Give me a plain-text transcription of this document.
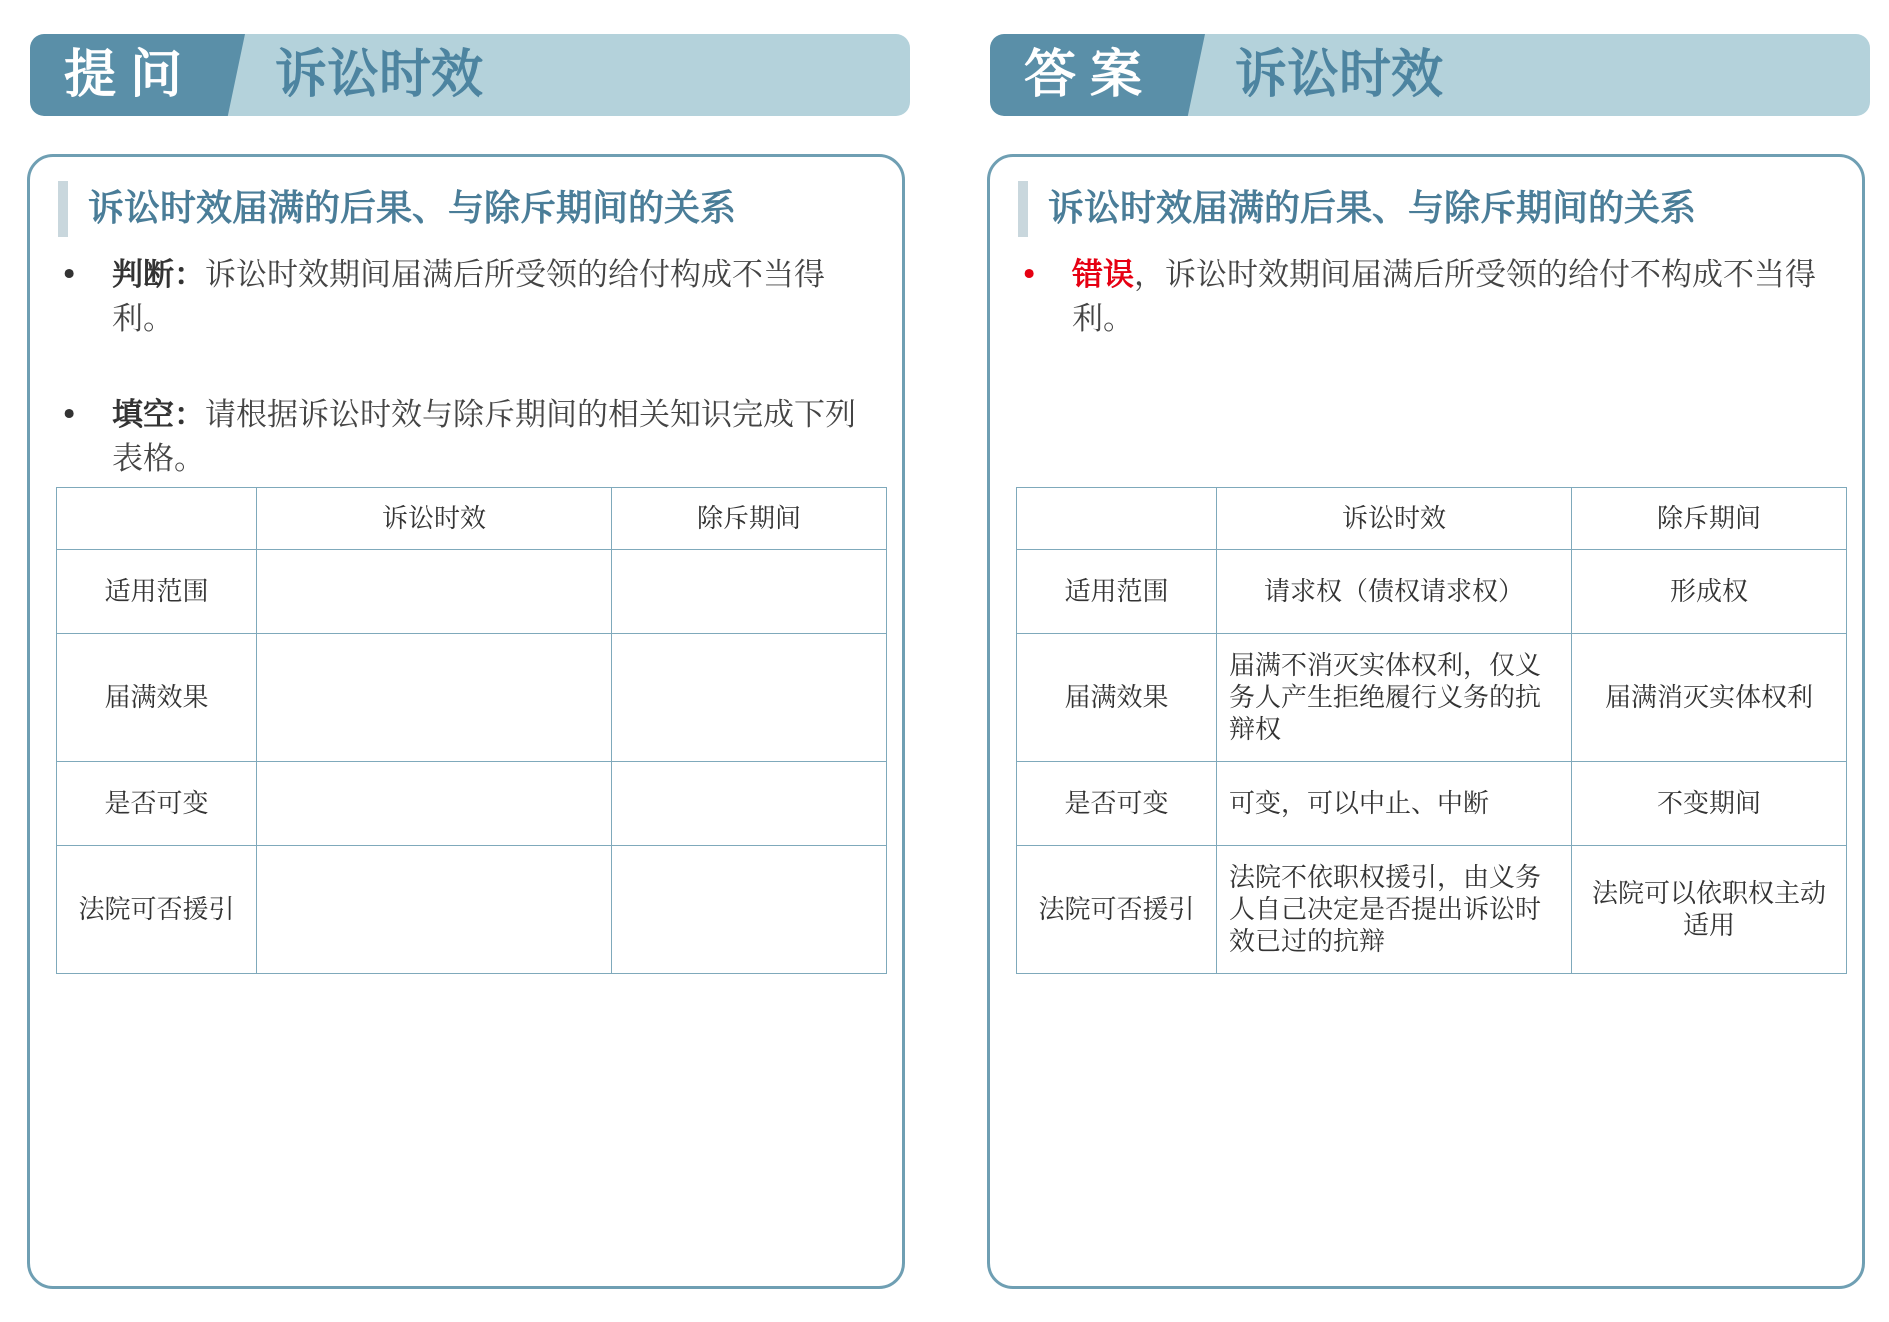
提问	诉讼时效
诉讼时效届满的后果、与除斥期间的关系
•	判断：诉讼时效期间届满后所受领的给付构成不当得利。
•	填空：请根据诉讼时效与除斥期间的相关知识完成下列表格。
	诉讼时效	除斥期间
适用范围		
届满效果		
是否可变		
法院可否援引		
答案	诉讼时效
诉讼时效届满的后果、与除斥期间的关系
•	错误，诉讼时效期间届满后所受领的给付不构成不当得利。
	诉讼时效	除斥期间
适用范围	请求权（债权请求权）	形成权
届满效果	届满不消灭实体权利，仅义务人产生拒绝履行义务的抗辩权	届满消灭实体权利
是否可变	可变，可以中止、中断	不变期间
法院可否援引	法院不依职权援引，由义务人自己决定是否提出诉讼时效已过的抗辩	法院可以依职权主动适用
